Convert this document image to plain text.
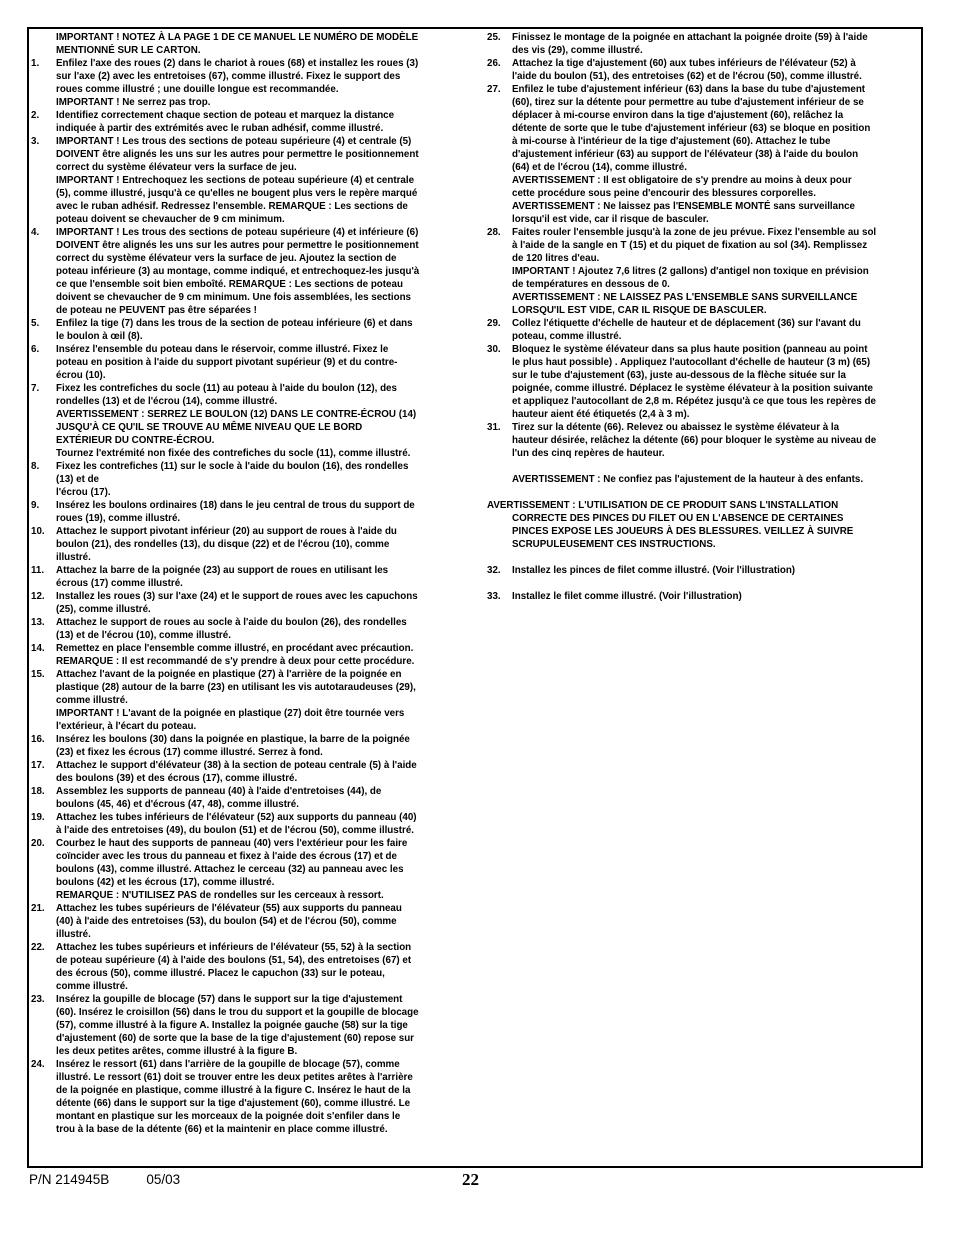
IMPORTANT ! NOTEZ À LA PAGE 1 DE CE MANUEL LE NUMÉRO DE MODÈLE
MENTIONNÉ SUR LE CARTON.
1.	Enfilez l'axe des roues (2) dans le chariot à roues (68) et installez les roues (3)
sur l'axe (2) avec les entretoises (67), comme illustré. Fixez le support des
roues comme illustré ; une douille longue est recommandée.
IMPORTANT ! Ne serrez pas trop.
2.	Identifiez correctement chaque section de poteau et marquez la distance
indiquée à partir des extrémités avec le ruban adhésif, comme illustré.
3.	IMPORTANT ! Les trous des sections de poteau supérieure (4) et centrale (5)
DOIVENT être alignés les uns sur les autres pour permettre le positionnement
correct du système élévateur vers la surface de jeu.
IMPORTANT ! Entrechoquez les sections de poteau supérieure (4) et centrale
(5), comme illustré, jusqu'à ce qu'elles ne bougent plus vers le repère marqué
avec le ruban adhésif. Redressez l'ensemble. REMARQUE : Les sections de
poteau doivent se chevaucher de 9 cm minimum.
4.	IMPORTANT ! Les trous des sections de poteau supérieure (4) et inférieure (6)
DOIVENT être alignés les uns sur les autres pour permettre le positionnement
correct du système élévateur vers la surface de jeu. Ajoutez la section de
poteau inférieure (3) au montage, comme indiqué, et entrechoquez-les jusqu'à
ce que l'ensemble soit bien emboîté. REMARQUE : Les sections de poteau
doivent se chevaucher de 9 cm minimum. Une fois assemblées, les sections
de poteau ne PEUVENT pas être séparées !
5.	Enfilez la tige (7) dans les trous de la section de poteau inférieure (6) et dans
le boulon à œil (8).
6.	Insérez l'ensemble du poteau dans le réservoir, comme illustré. Fixez le
poteau en position à l'aide du support pivotant supérieur (9) et du contre-
écrou (10).
7.	Fixez les contrefiches du socle (11) au poteau à l'aide du boulon (12), des
rondelles (13) et de l'écrou (14), comme illustré.
AVERTISSEMENT : SERREZ LE BOULON (12) DANS LE CONTRE-ÉCROU (14)
JUSQU'À CE QU'IL SE TROUVE AU MÊME NIVEAU QUE LE BORD
EXTÉRIEUR DU CONTRE-ÉCROU.
Tournez l'extrémité non fixée des contrefiches du socle (11), comme illustré.
8.	Fixez les contrefiches (11) sur le socle à l'aide du boulon (16), des rondelles
(13) et de
l'écrou (17).
9.	Insérez les boulons ordinaires (18) dans le jeu central de trous du support de
roues (19), comme illustré.
10.	Attachez le support pivotant inférieur (20) au support de roues à l'aide du
boulon (21), des rondelles (13), du disque (22) et de l'écrou (10), comme
illustré.
11.	Attachez la barre de la poignée (23) au support de roues en utilisant les
écrous (17) comme illustré.
12.	Installez les roues (3) sur l'axe (24) et le support de roues avec les capuchons
(25), comme illustré.
13.	Attachez le support de roues au socle à l'aide du boulon (26), des rondelles
(13) et de l'écrou (10), comme illustré.
14.	Remettez en place l'ensemble comme illustré, en procédant avec précaution.
REMARQUE : Il est recommandé de s'y prendre à deux pour cette procédure.
15.	Attachez l'avant de la poignée en plastique (27) à l'arrière de la poignée en
plastique (28) autour de la barre (23) en utilisant les vis autotaraudeuses (29),
comme illustré.
IMPORTANT ! L'avant de la poignée en plastique (27) doit être tournée vers
l'extérieur, à l'écart du poteau.
16.	Insérez les boulons (30) dans la poignée en plastique, la barre de la poignée
(23) et fixez les écrous (17) comme illustré. Serrez à fond.
17.	Attachez le support d'élévateur (38) à la section de poteau centrale (5) à l'aide
des boulons (39) et des écrous (17), comme illustré.
18.	Assemblez les supports de panneau (40) à l'aide d'entretoises (44), de
boulons (45, 46) et d'écrous (47, 48), comme illustré.
19.	Attachez les tubes inférieurs de l'élévateur (52) aux supports du panneau (40)
à l'aide des entretoises (49), du boulon (51) et de l'écrou (50), comme illustré.
20.	Courbez le haut des supports de panneau (40) vers l'extérieur pour les faire
coïncider avec les trous du panneau et fixez à l'aide des écrous (17) et de
boulons (43), comme illustré. Attachez le cerceau (32) au panneau avec les
boulons (42) et les écrous (17), comme illustré.
REMARQUE : N'UTILISEZ PAS de rondelles sur les cerceaux à ressort.
21.	Attachez les tubes supérieurs de l'élévateur (55) aux supports du panneau
(40) à l'aide des entretoises (53), du boulon (54) et de l'écrou (50), comme
illustré.
22.	Attachez les tubes supérieurs et inférieurs de l'élévateur (55, 52) à la section
de poteau supérieure (4) à l'aide des boulons (51, 54), des entretoises (67) et
des écrous (50), comme illustré. Placez le capuchon (33) sur le poteau,
comme illustré.
23.	Insérez la goupille de blocage (57) dans le support sur la tige d'ajustement
(60). Insérez le croisillon (56) dans le trou du support et la goupille de blocage
(57), comme illustré à la figure A. Installez la poignée gauche (58) sur la tige
d'ajustement (60) de sorte que la base de la tige d'ajustement (60) repose sur
les deux petites arêtes, comme illustré à la figure B.
24.	Insérez le ressort (61) dans l'arrière de la goupille de blocage (57), comme
illustré. Le ressort (61) doit se trouver entre les deux petites arêtes à l'arrière
de la poignée en plastique, comme illustré à la figure C. Insérez le haut de la
détente (66) dans le support sur la tige d'ajustement (60), comme illustré. Le
montant en plastique sur les morceaux de la poignée doit s'enfiler dans le
trou à la base de la détente (66) et la maintenir en place comme illustré.
25.	Finissez le montage de la poignée en attachant la poignée droite (59) à l'aide
des vis (29), comme illustré.
26.	Attachez la tige d'ajustement (60) aux tubes inférieurs de l'élévateur (52) à
l'aide du boulon (51), des entretoises (62) et de l'écrou (50), comme illustré.
27.	Enfilez le tube d'ajustement inférieur (63) dans la base du tube d'ajustement
(60), tirez sur la détente pour permettre au tube d'ajustement inférieur de se
déplacer à mi-course environ dans la tige d'ajustement (60), relâchez la
détente de sorte que le tube d'ajustement inférieur (63) se bloque en position
à mi-course à l'intérieur de la tige d'ajustement (60). Attachez le tube
d'ajustement inférieur (63) au support de l'élévateur (38) à l'aide du boulon
(64) et de l'écrou (14), comme illustré.
AVERTISSEMENT : Il est obligatoire de s'y prendre au moins à deux pour
cette procédure sous peine d'encourir des blessures corporelles.
AVERTISSEMENT : Ne laissez pas l'ENSEMBLE MONTÉ sans surveillance
lorsqu'il est vide, car il risque de basculer.
28.	Faites rouler l'ensemble jusqu'à la zone de jeu prévue. Fixez l'ensemble au sol
à l'aide de la sangle en T (15) et du piquet de fixation au sol (34). Remplissez
de 120 litres d'eau.
IMPORTANT ! Ajoutez 7,6 litres (2 gallons) d'antigel non toxique en prévision
de températures en dessous de 0.
AVERTISSEMENT : NE LAISSEZ PAS L'ENSEMBLE SANS SURVEILLANCE
LORSQU'IL EST VIDE, CAR IL RISQUE DE BASCULER.
29.	Collez l'étiquette d'échelle de hauteur et de déplacement (36) sur l'avant du
poteau, comme illustré.
30.	Bloquez le système élévateur dans sa plus haute position (panneau au point
le plus haut possible) . Appliquez l'autocollant d'échelle de hauteur (3 m) (65)
sur le tube d'ajustement (63), juste au-dessous de la flèche située sur la
poignée, comme illustré. Déplacez le système élévateur à la position suivante
et appliquez l'autocollant de 2,8 m. Répétez jusqu'à ce que tous les repères de
hauteur aient été étiquetés (2,4 à 3 m).
31.	Tirez sur la détente (66). Relevez ou abaissez le système élévateur à la
hauteur désirée, relâchez la détente (66) pour bloquer le système au niveau de
l'un des cinq repères de hauteur.
AVERTISSEMENT : Ne confiez pas l'ajustement de la hauteur à des enfants.
AVERTISSEMENT : L'UTILISATION DE CE PRODUIT SANS L'INSTALLATION
CORRECTE DES PINCES DU FILET OU EN L'ABSENCE DE CERTAINES
PINCES EXPOSE LES JOUEURS À DES BLESSURES. VEILLEZ À SUIVRE
SCRUPULEUSEMENT CES INSTRUCTIONS.
32.	Installez les pinces de filet comme illustré. (Voir l'illustration)
33.	Installez le filet comme illustré. (Voir l'illustration)
P/N 214945B	05/03	22
